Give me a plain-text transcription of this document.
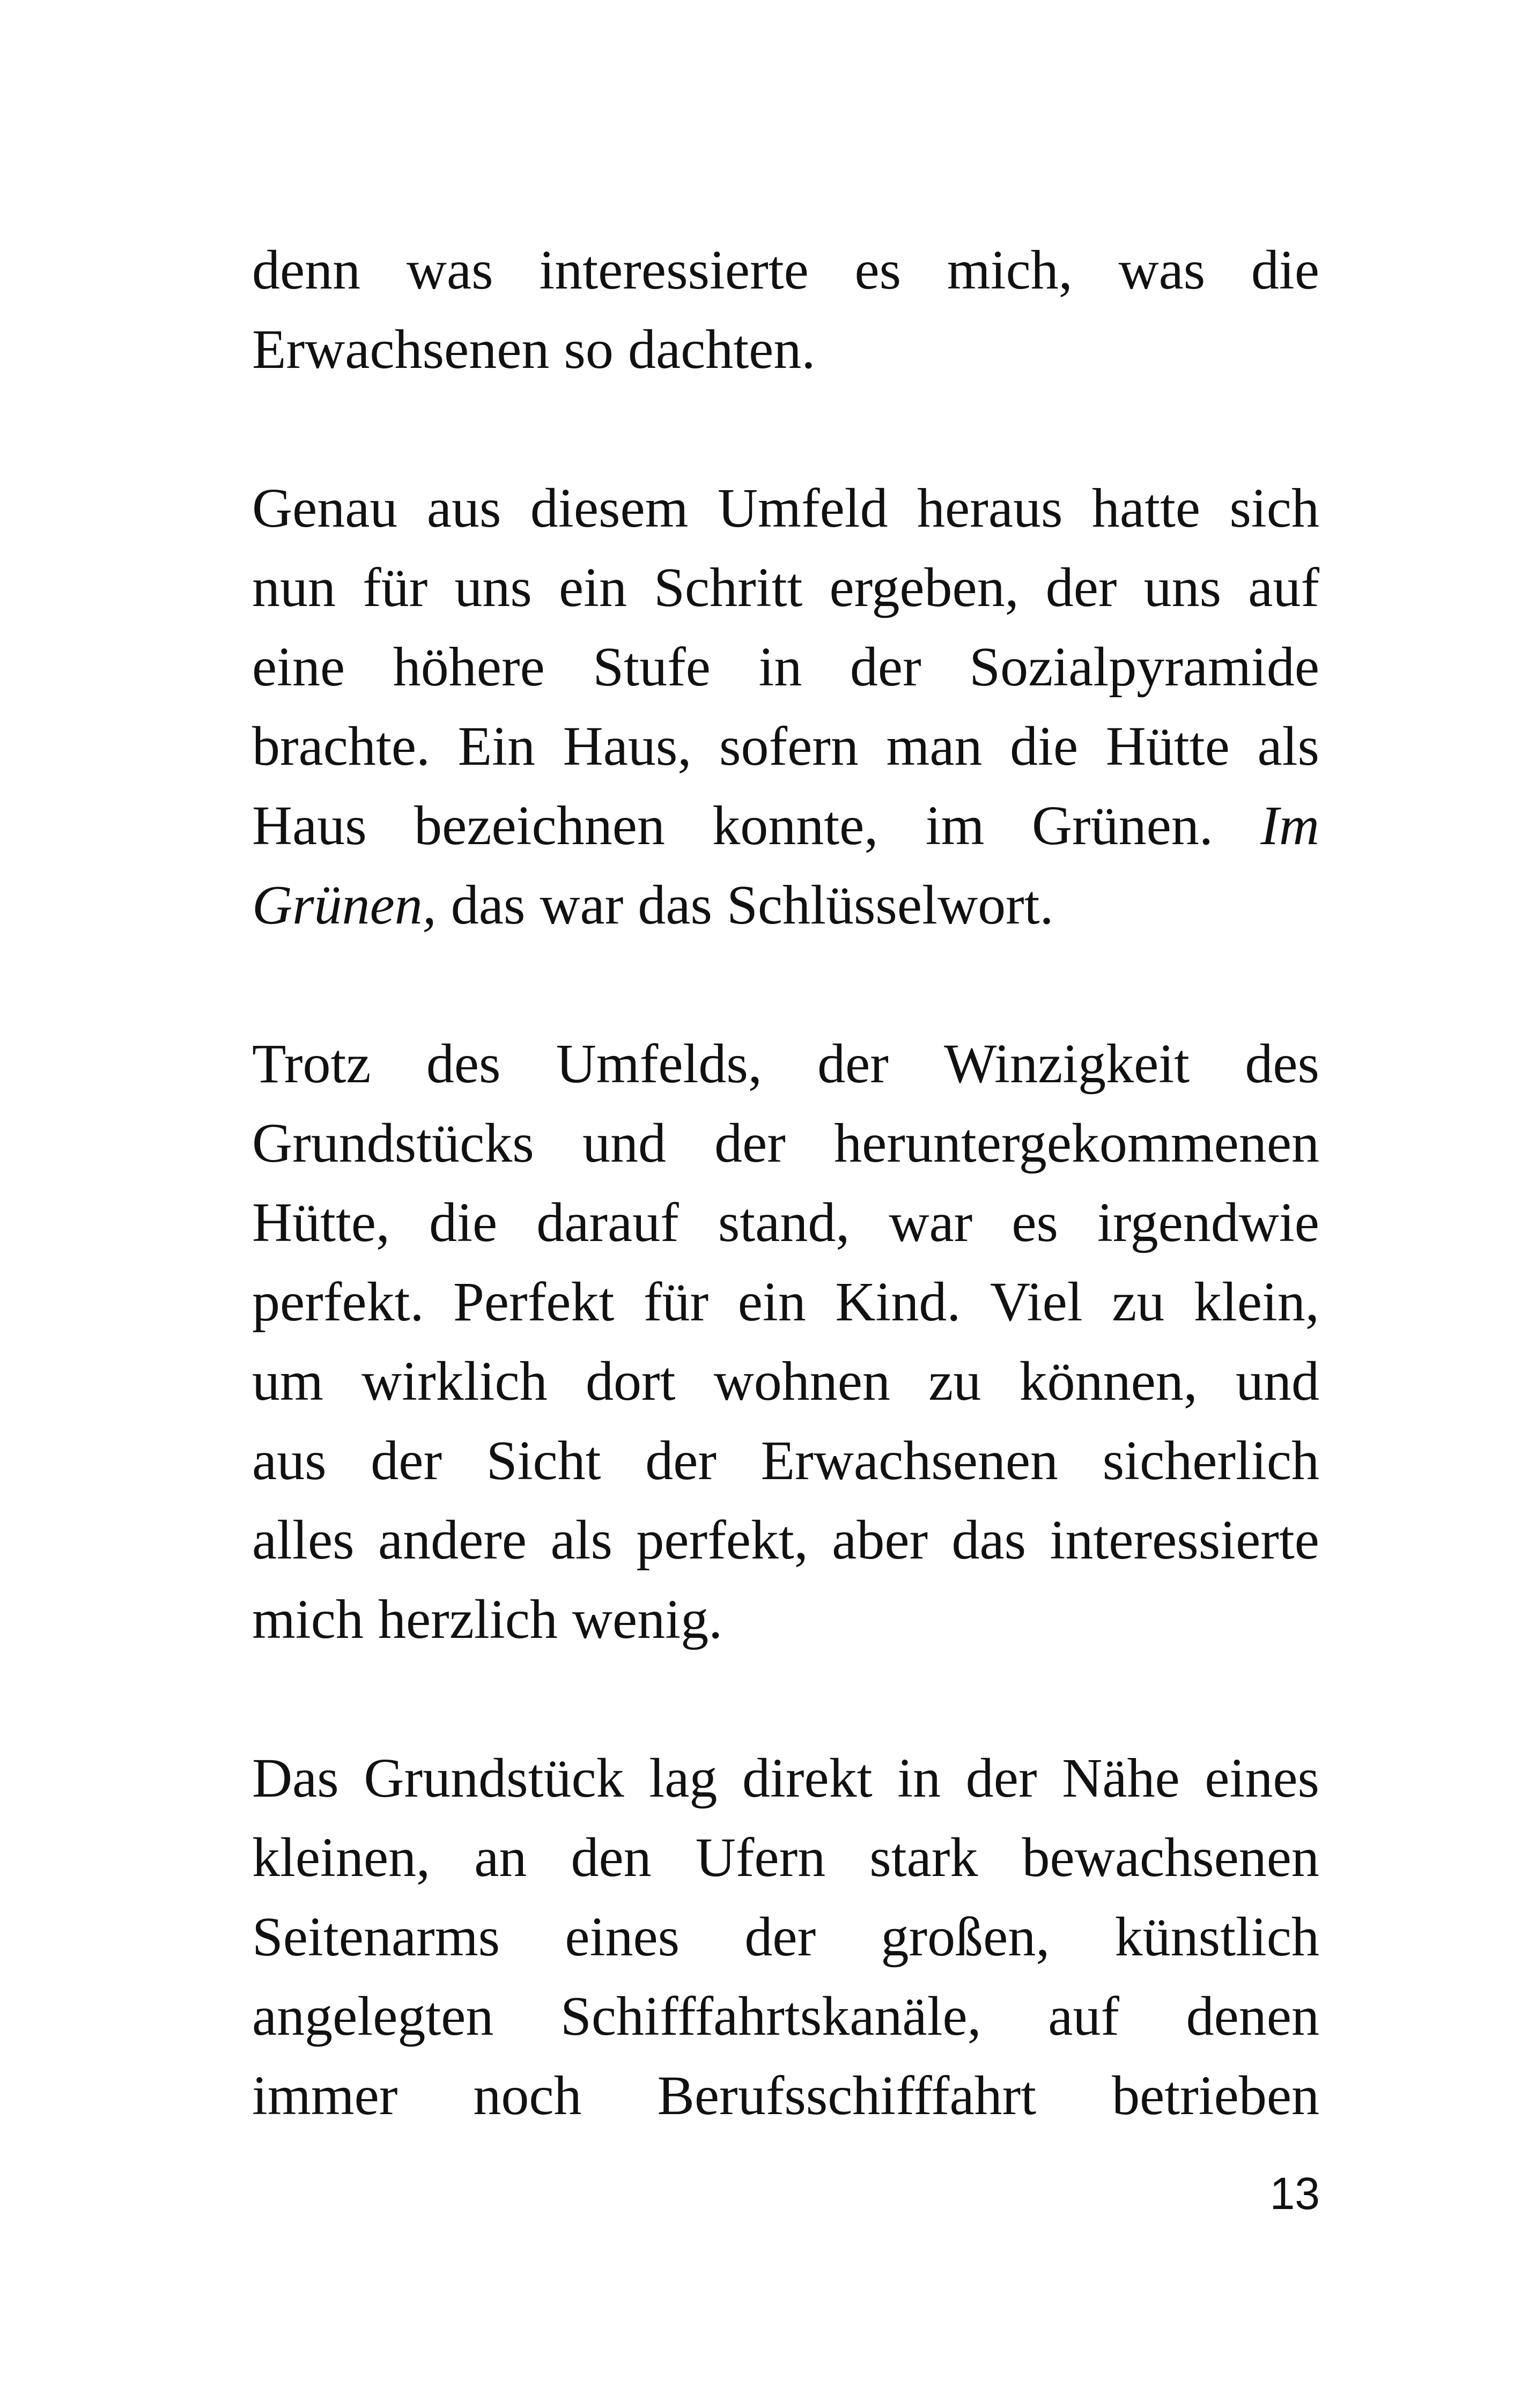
denn was interessierte es mich, was die
Erwachsenen so dachten.
Genau aus diesem Umfeld heraus hatte sich
nun für uns ein Schritt ergeben, der uns auf
eine höhere Stufe in der Sozialpyramide
brachte. Ein Haus, sofern man die Hütte als
Haus bezeichnen konnte, im Grünen. Im
Grünen, das war das Schlüsselwort.
Trotz des Umfelds, der Winzigkeit des
Grundstücks und der heruntergekommenen
Hütte, die darauf stand, war es irgendwie
perfekt. Perfekt für ein Kind. Viel zu klein,
um wirklich dort wohnen zu können, und
aus der Sicht der Erwachsenen sicherlich
alles andere als perfekt, aber das interessierte
mich herzlich wenig.
Das Grundstück lag direkt in der Nähe eines
kleinen, an den Ufern stark bewachsenen
Seitenarms eines der großen, künstlich
angelegten Schifffahrtskanäle, auf denen
immer noch Berufsschifffahrt betrieben
13
